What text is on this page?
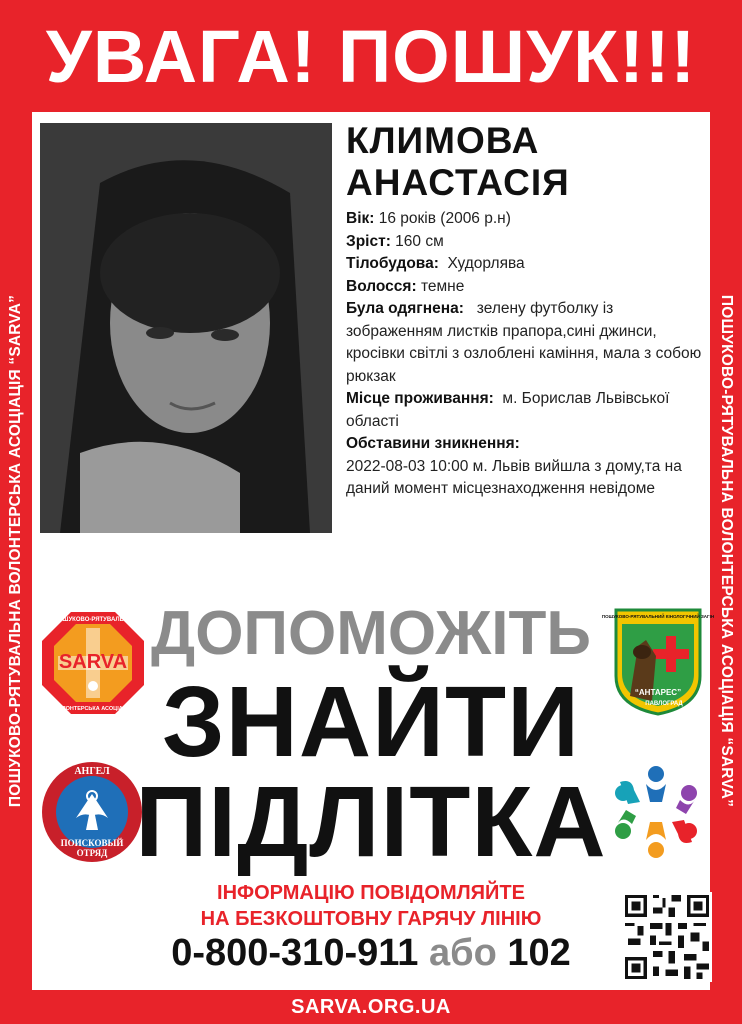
УВАГА! ПОШУК!!!
ПОШУКОВО-РЯТУВАЛЬНА ВОЛОНТЕРСЬКА АСОЦІАЦІЯ “SARVA”	ПОШУКОВО-РЯТУВАЛЬНА ВОЛОНТЕРСЬКА АСОЦІАЦІЯ “SARVA”
КЛИМОВА
АНАСТАСІЯ

Вік: 16 років (2006 р.н)

Зріст: 160 см

Тілобудова: Худорлява

Волосся: темне

Була одягнена: зелену футболку із зображенням листків прапора,сині джинси, кросівки світлі з озлоблені каміння, мала з собою рюкзак

Місце проживання: м. Борислав Львівської області

Обставини зникнення:

2022-08-03 10:00 м. Львів вийшла з дому,та на даний момент місцезнаходження невідоме

SARVA
ПОШУКОВО-РЯТУВАЛЬНА
ВОЛОНТЕРСЬКА АСОЦІАЦІЯ
ПОШУКОВО-РЯТУВАЛЬНИЙ КІНОЛОГІЧНИЙ ЗАГІН
“АНТАРЕС”
ПАВЛОГРАД
АНГЕЛ
ПОИСКОВЫЙ
ОТРЯД

ДОПОМОЖІТЬ

ЗНАЙТИ

ПІДЛІТКА

ІНФОРМАЦІЮ ПОВІДОМЛЯЙТЕ
НА БЕЗКОШТОВНУ ГАРЯЧУ ЛІНІЮ
0-800-310-911 або 102
SARVA.ORG.UA
